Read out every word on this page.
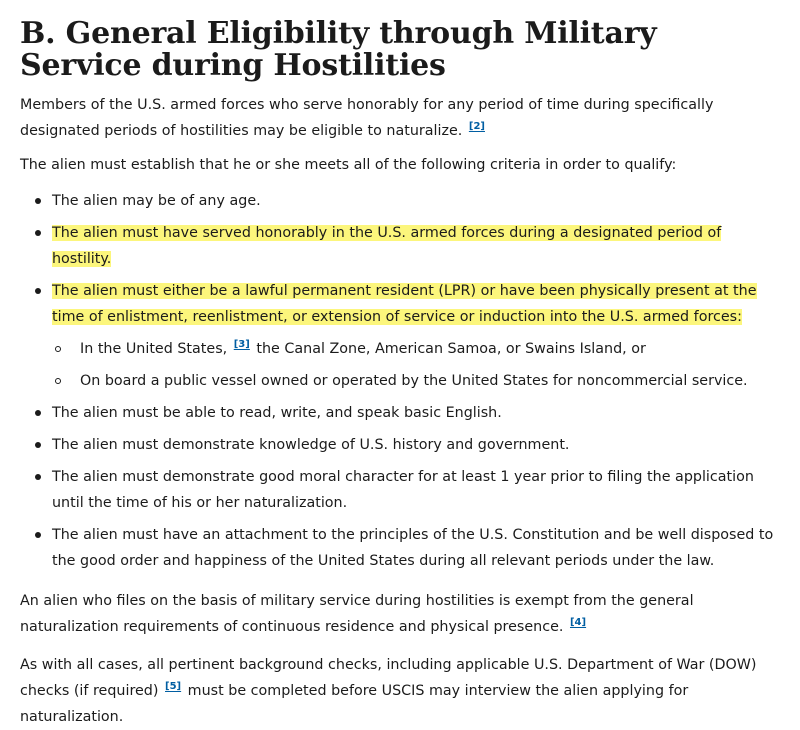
B. General Eligibility through Military Service during Hostilities

Members of the U.S. armed forces who serve honorably for any period of time during specifically designated periods of hostilities may be eligible to naturalize. [2]

The alien must establish that he or she meets all of the following criteria in order to qualify:

The alien may be of any age.
The alien must have served honorably in the U.S. armed forces during a designated period of hostility.
The alien must either be a lawful permanent resident (LPR) or have been physically present at the time of enlistment, reenlistment, or extension of service or induction into the U.S. armed forces:
In the United States, [3] the Canal Zone, American Samoa, or Swains Island, or
On board a public vessel owned or operated by the United States for noncommercial service.
The alien must be able to read, write, and speak basic English.
The alien must demonstrate knowledge of U.S. history and government.
The alien must demonstrate good moral character for at least 1 year prior to filing the application until the time of his or her naturalization.
The alien must have an attachment to the principles of the U.S. Constitution and be well disposed to the good order and happiness of the United States during all relevant periods under the law.

An alien who files on the basis of military service during hostilities is exempt from the general naturalization requirements of continuous residence and physical presence. [4]

As with all cases, all pertinent background checks, including applicable U.S. Department of War (DOW) checks (if required) [5] must be completed before USCIS may interview the alien applying for naturalization.
